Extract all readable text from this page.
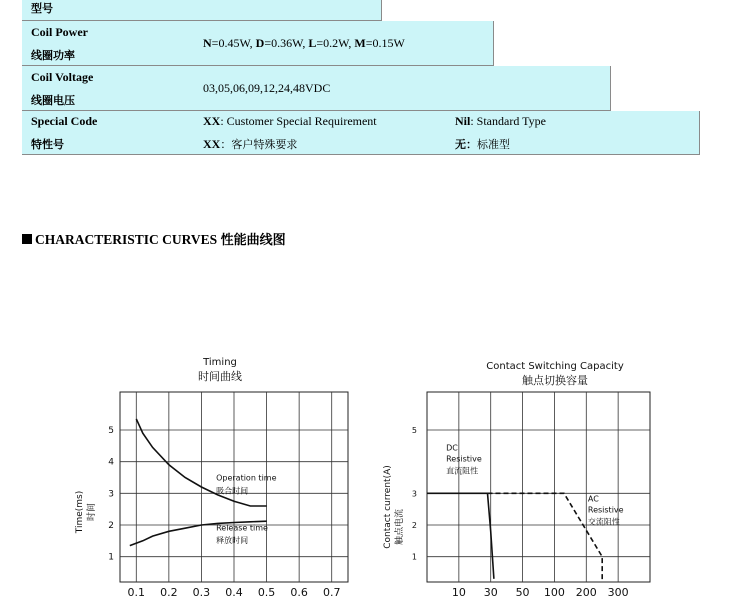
型号
Coil Power
线圈功率
N=0.45W, D=0.36W, L=0.2W, M=0.15W
Coil Voltage
线圈电压
03,05,06,09,12,24,48VDC
Special Code
特性号
XX: Customer Special Requirement
XX：客户特殊要求
Nil: Standard Type
无：标准型
CHARACTERISTIC CURVES 性能曲线图
Timing
时间曲线
0.1 0.2 0.3 0.4 0.5 0.6 0.7
1
2
3
4
5
Time(ms) 时间
Operation time
吸合时间
Release time
释放时间
Contact Switching Capacity
触点切换容量
10 30 50 100 200 300
1
2
3
5
Contact current(A) 触点电流
DC
Resistive
直流阻性
AC
Resistive
交流阻性
